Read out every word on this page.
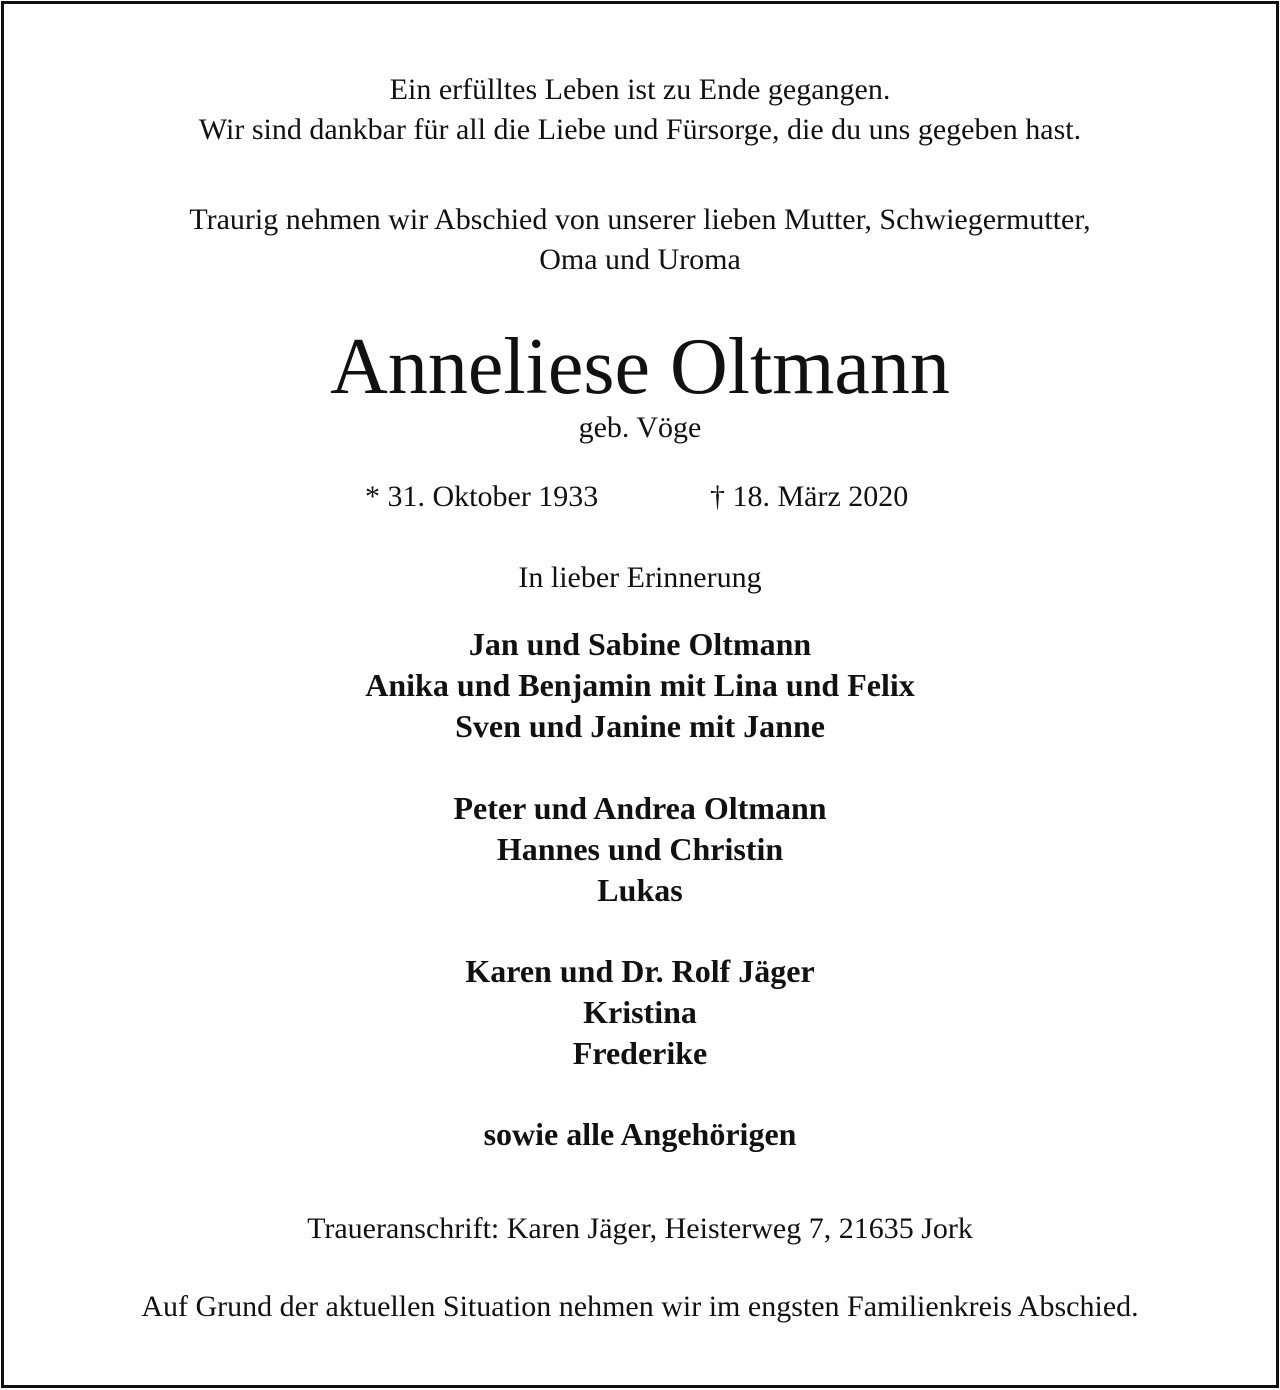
Ein erfülltes Leben ist zu Ende gegangen.
Wir sind dankbar für all die Liebe und Fürsorge, die du uns gegeben hast.
Traurig nehmen wir Abschied von unserer lieben Mutter, Schwiegermutter,
Oma und Uroma
Anneliese Oltmann
geb. Vöge
* 31. Oktober 1933	† 18. März 2020
In lieber Erinnerung
Jan und Sabine Oltmann
Anika und Benjamin mit Lina und Felix
Sven und Janine mit Janne
Peter und Andrea Oltmann
Hannes und Christin
Lukas
Karen und Dr. Rolf Jäger
Kristina
Frederike
sowie alle Angehörigen
Traueranschrift: Karen Jäger, Heisterweg 7, 21635 Jork
Auf Grund der aktuellen Situation nehmen wir im engsten Familienkreis Abschied.
